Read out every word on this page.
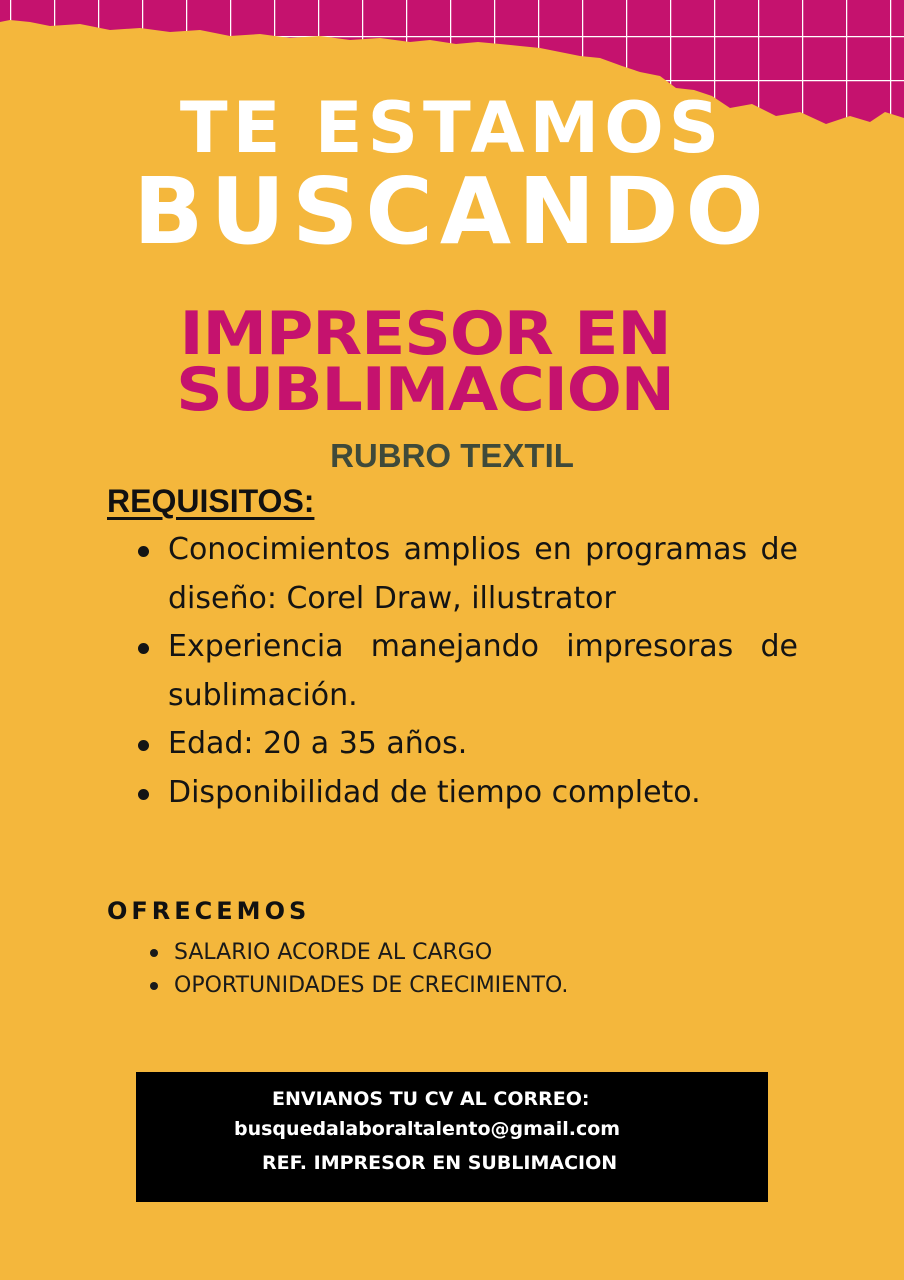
TE ESTAMOS
BUSCANDO
IMPRESOR EN
SUBLIMACION
RUBRO TEXTIL
REQUISITOS:
Conocimientos amplios en programas de diseño: Corel Draw, illustrator
Experiencia manejando impresoras de sublimación.
Edad: 20 a 35 años.
Disponibilidad de tiempo completo.
OFRECEMOS
SALARIO ACORDE AL CARGO
OPORTUNIDADES DE CRECIMIENTO.
ENVIANOS TU CV AL CORREO:
busquedalaboraltalento@gmail.com
REF. IMPRESOR EN SUBLIMACION
